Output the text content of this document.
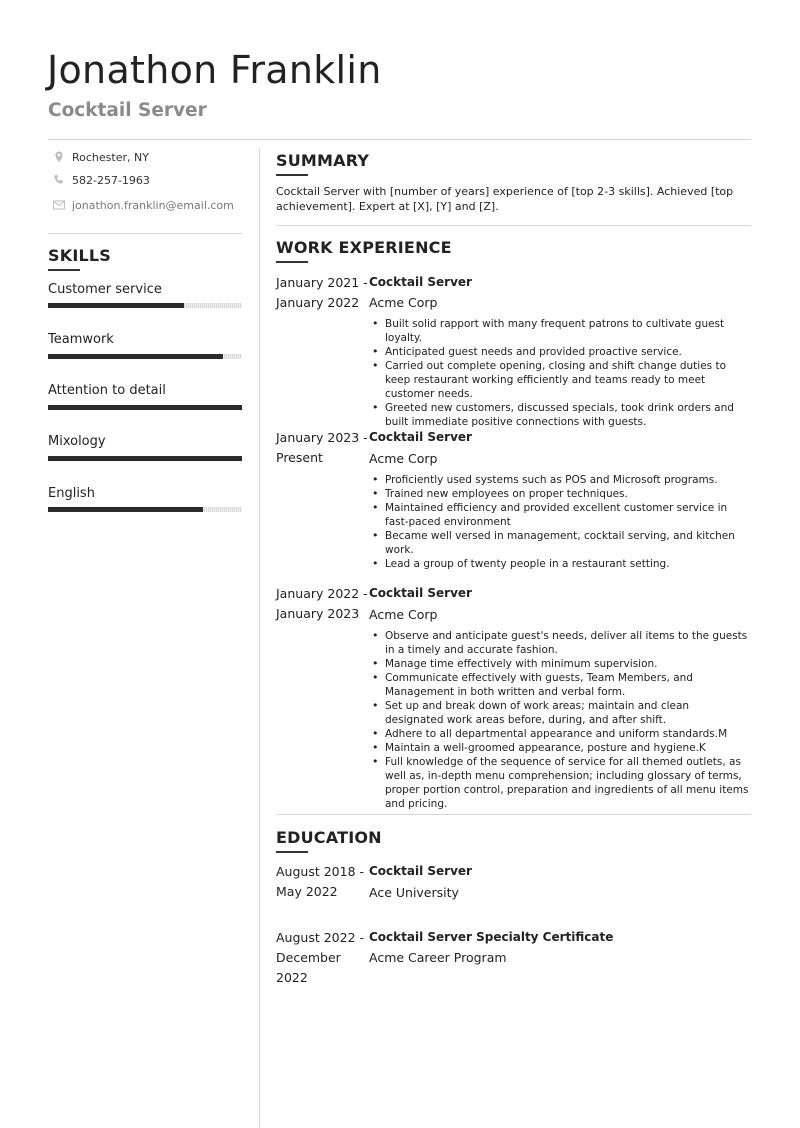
Jonathon Franklin
Cocktail Server
Rochester, NY
582-257-1963
jonathon.franklin@email.com
SKILLS
Customer service
Teamwork
Attention to detail
Mixology
English
SUMMARY

Cocktail Server with [number of years] experience of [top 2-3 skills]. Achieved [top achievement]. Expert at [X], [Y] and [Z].

WORK EXPERIENCE
January 2021 -
January 2022
Cocktail Server
Acme Corp
• Built solid rapport with many frequent patrons to cultivate guest loyalty.
• Anticipated guest needs and provided proactive service.
• Carried out complete opening, closing and shift change duties to keep restaurant working efficiently and teams ready to meet customer needs.
• Greeted new customers, discussed specials, took drink orders and built immediate positive connections with guests.
January 2023 -
Present
Cocktail Server
Acme Corp
• Proficiently used systems such as POS and Microsoft programs.
• Trained new employees on proper techniques.
• Maintained efficiency and provided excellent customer service in fast-paced environment
• Became well versed in management, cocktail serving, and kitchen work.
• Lead a group of twenty people in a restaurant setting.
January 2022 -
January 2023
Cocktail Server
Acme Corp
• Observe and anticipate guest's needs, deliver all items to the guests in a timely and accurate fashion.
• Manage time effectively with minimum supervision.
• Communicate effectively with guests, Team Members, and Management in both written and verbal form.
• Set up and break down of work areas; maintain and clean designated work areas before, during, and after shift.
• Adhere to all departmental appearance and uniform standards.M
• Maintain a well-groomed appearance, posture and hygiene.K
• Full knowledge of the sequence of service for all themed outlets, as well as, in-depth menu comprehension; including glossary of terms, proper portion control, preparation and ingredients of all menu items and pricing.
EDUCATION
August 2018 -
May 2022
Cocktail Server
Ace University
August 2022 -
December 2022
Cocktail Server Specialty Certificate
Acme Career Program
